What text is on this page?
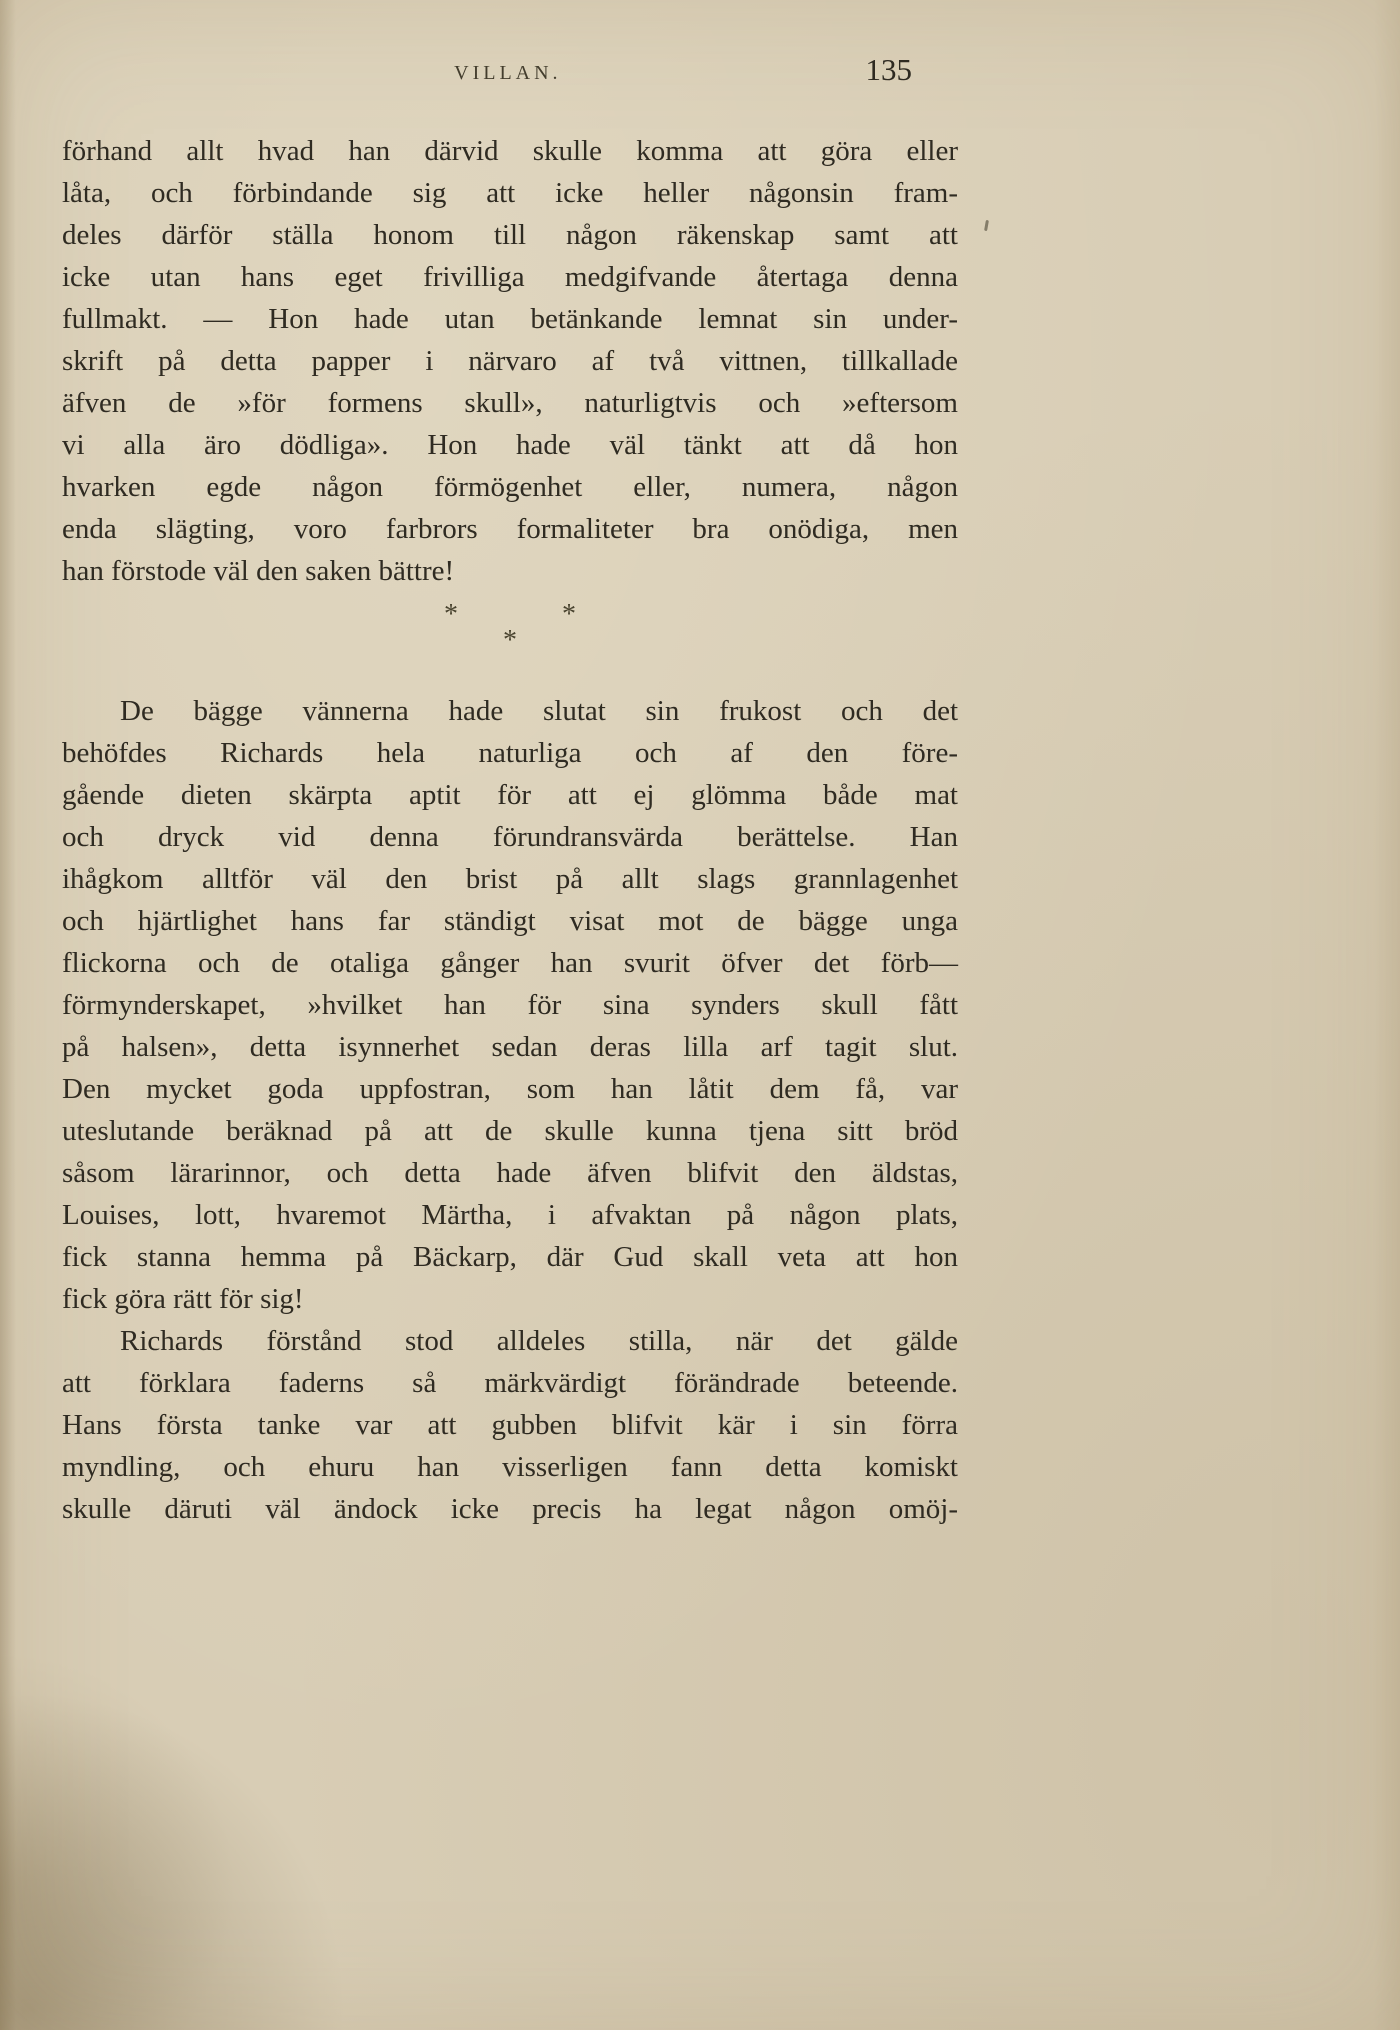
VILLAN.	135
förhand allt hvad han därvid skulle komma att göra eller
låta, och förbindande sig att icke heller någonsin fram-
deles därför ställa honom till någon räkenskap samt att
icke utan hans eget frivilliga medgifvande återtaga denna
fullmakt. — Hon hade utan betänkande lemnat sin under-
skrift på detta papper i närvaro af två vittnen, tillkallade
äfven de »för formens skull», naturligtvis och »eftersom
vi alla äro dödliga». Hon hade väl tänkt att då hon
hvarken egde någon förmögenhet eller, numera, någon
enda slägting, voro farbrors formaliteter bra onödiga, men
han förstode väl den saken bättre!
*	*
*
De bägge vännerna hade slutat sin frukost och det
behöfdes Richards hela naturliga och af den före-
gående dieten skärpta aptit för att ej glömma både mat
och dryck vid denna förundransvärda berättelse. Han
ihågkom alltför väl den brist på allt slags grannlagenhet
och hjärtlighet hans far ständigt visat mot de bägge unga
flickorna och de otaliga gånger han svurit öfver det förb—
förmynderskapet, »hvilket han för sina synders skull fått
på halsen», detta isynnerhet sedan deras lilla arf tagit slut.
Den mycket goda uppfostran, som han låtit dem få, var
uteslutande beräknad på att de skulle kunna tjena sitt bröd
såsom lärarinnor, och detta hade äfven blifvit den äldstas,
Louises, lott, hvaremot Märtha, i afvaktan på någon plats,
fick stanna hemma på Bäckarp, där Gud skall veta att hon
fick göra rätt för sig!
Richards förstånd stod alldeles stilla, när det gälde
att förklara faderns så märkvärdigt förändrade beteende.
Hans första tanke var att gubben blifvit kär i sin förra
myndling, och ehuru han visserligen fann detta komiskt
skulle däruti väl ändock icke precis ha legat någon omöj-
